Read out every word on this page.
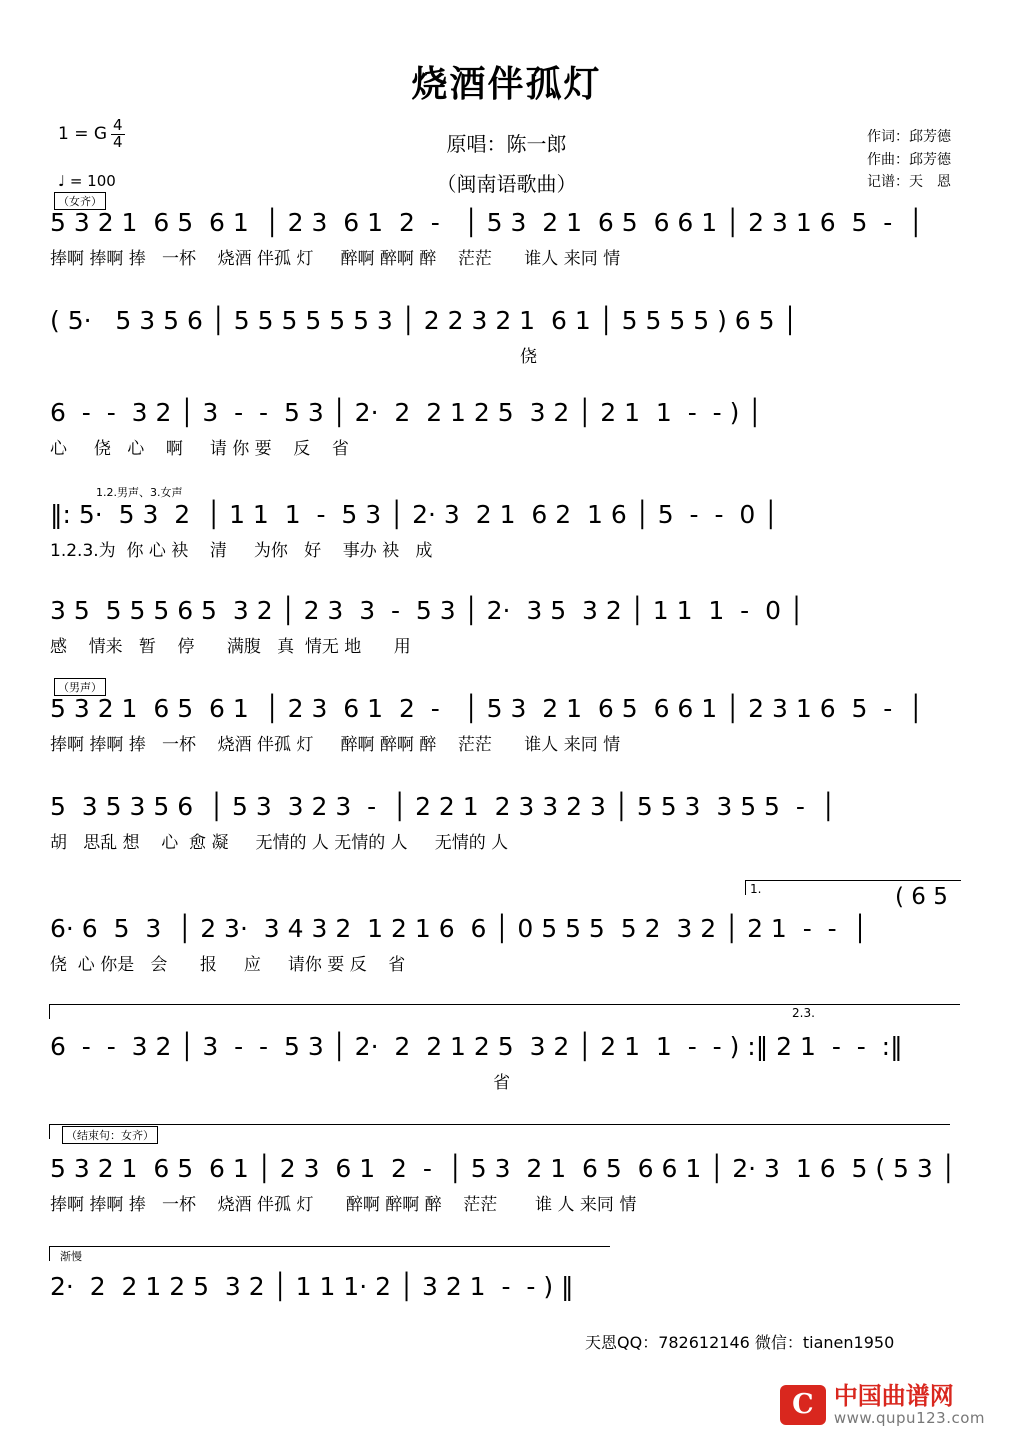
烧酒伴孤灯
原唱：陈一郎
（闽南语歌曲）
1 = G $\frac{4}{4}$
♩ = 100
作词：邱芳德
作曲：邱芳德
记谱：天　恩
（女齐）
5 3 2 1  6 5  6 1  │ 2 3  6 1  2  -   │ 5 3  2 1  6 5  6 6 1 │ 2 3 1 6  5  -  │
捧啊 捧啊 捧   一杯    烧酒 伴孤 灯     醉啊 醉啊 醉    茫茫      谁人 来同 情
( 5·   5 3 5 6 │ 5 5 5 5 5 5 3 │ 2 2 3 2 1  6 1 │ 5 5 5 5 ) 6 5 │
侥
6  -  -  3 2 │ 3  -  -  5 3 │ 2·  2  2 1 2 5  3 2 │ 2 1  1  -  - ) │
心     侥   心    啊     请 你 要    反    省
1.2.男声、3.女声
‖: 5·  5 3  2  │ 1 1  1  -  5 3 │ 2· 3  2 1  6 2  1 6 │ 5  -  -  0 │
1.2.3.为  你 心 袂    清     为你   好    事办 袂   成
3 5  5 5 5 6 5  3 2 │ 2 3  3  -  5 3 │ 2·  3 5  3 2 │ 1 1  1  -  0 │
感    情来   暂    停      满腹   真  情无 地      用
（男声）
5 3 2 1  6 5  6 1  │ 2 3  6 1  2  -   │ 5 3  2 1  6 5  6 6 1 │ 2 3 1 6  5  -  │
捧啊 捧啊 捧   一杯    烧酒 伴孤 灯     醉啊 醉啊 醉    茫茫      谁人 来同 情
5  3 5 3 5 6  │ 5 3  3 2 3  -  │ 2 2 1  2 3 3 2 3 │ 5 5 3  3 5 5  -  │
胡   思乱 想    心  愈 凝     无情的 人 无情的 人     无情的 人
1.	( 6 5
6· 6  5  3  │ 2 3·  3 4 3 2  1 2 1 6  6 │ 0 5 5 5  5 2  3 2 │ 2 1  -  -  │
侥  心 你是   会      报     应     请你 要 反    省
2.3.
6  -  -  3 2 │ 3  -  -  5 3 │ 2·  2  2 1 2 5  3 2 │ 2 1  1  -  - ) :‖ 2 1  -  -  :‖
省
（结束句：女齐）
5 3 2 1  6 5  6 1 │ 2 3  6 1  2  -  │ 5 3  2 1  6 5  6 6 1 │ 2· 3  1 6  5 ( 5 3 │
捧啊 捧啊 捧   一杯    烧酒 伴孤 灯      醉啊 醉啊 醉    茫茫       谁 人 来同 情
渐慢
2·  2  2 1 2 5  3 2 │ 1 1 1· 2 │ 3 2 1  -  - ) ‖
天恩QQ：782612146 微信：tianen1950
C 中国曲谱网
www.qupu123.com
